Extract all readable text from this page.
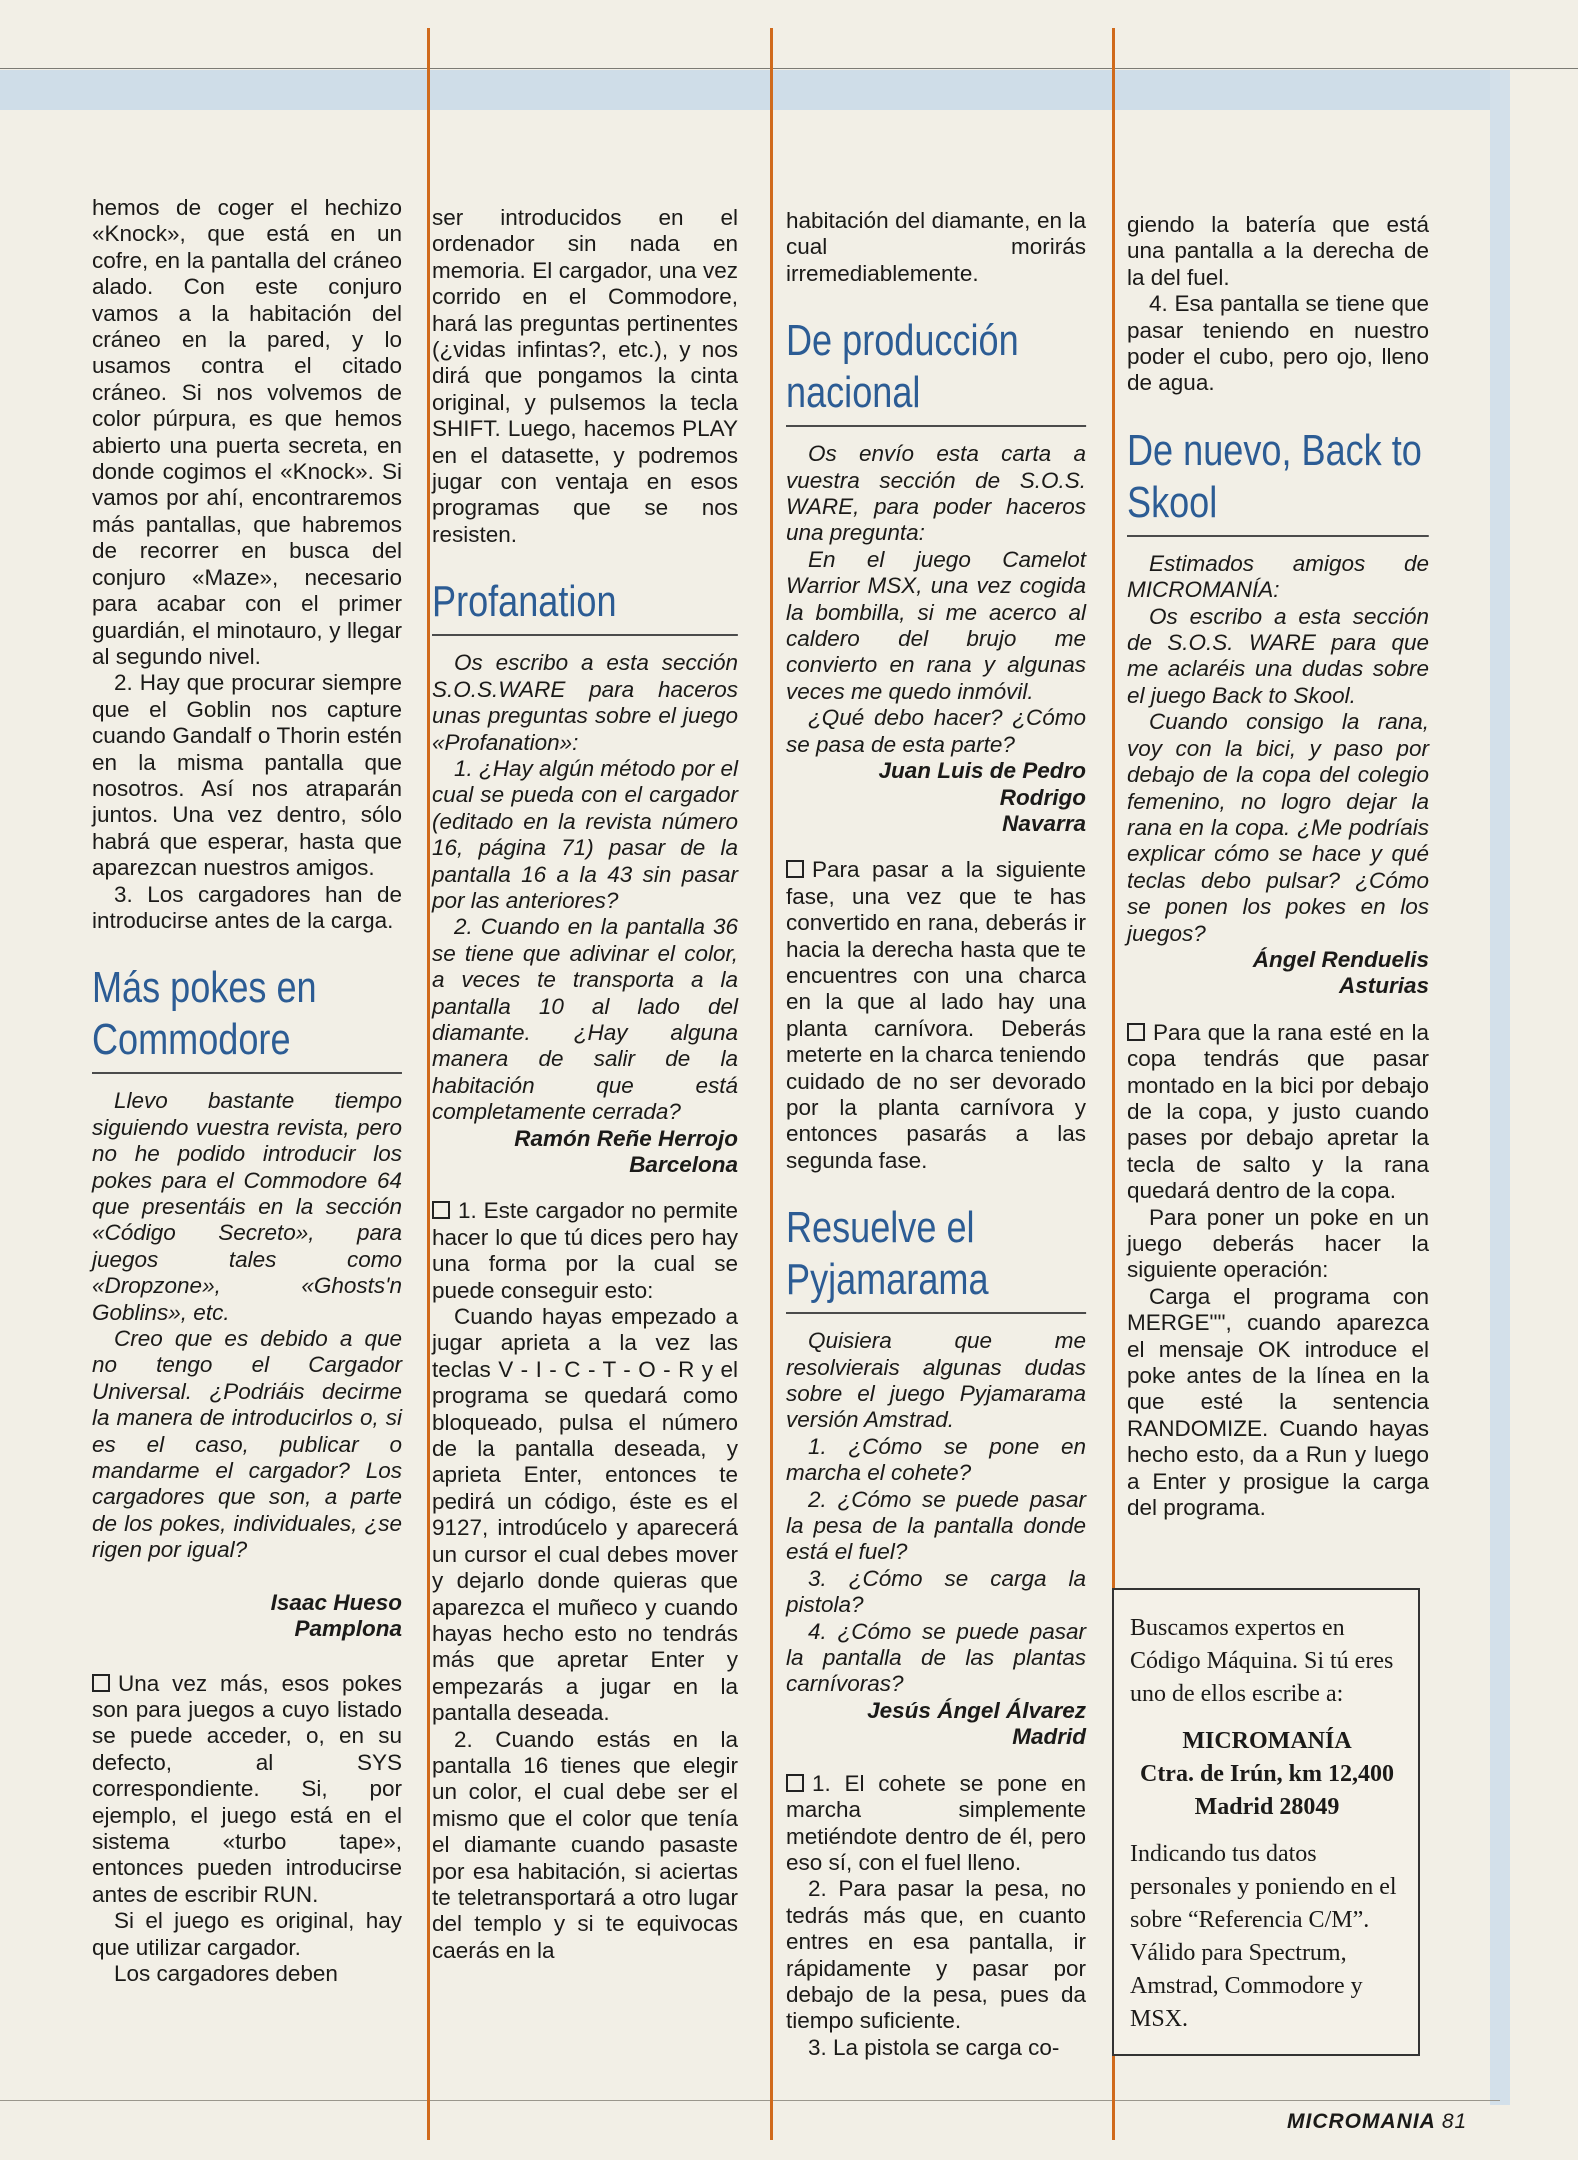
hemos de coger el hechizo «Knock», que está en un cofre, en la pantalla del cráneo alado. Con este conjuro vamos a la habitación del cráneo en la pared, y lo usamos contra el citado cráneo. Si nos volvemos de color púrpura, es que hemos abierto una puerta secreta, en donde cogimos el «Knock». Si vamos por ahí, encontraremos más pantallas, que habremos de recorrer en busca del conjuro «Maze», necesario para acabar con el primer guardián, el minotauro, y llegar al segundo nivel.

2. Hay que procurar siempre que el Goblin nos capture cuando Gandalf o Thorin estén en la misma pantalla que nosotros. Así nos atraparán juntos. Una vez dentro, sólo habrá que esperar, hasta que aparezcan nuestros amigos.

3. Los cargadores han de introducirse antes de la carga.

Más pokes en Commodore

Llevo bastante tiempo siguiendo vuestra revista, pero no he podido introducir los pokes para el Commodore 64 que presentáis en la sección «Código Secreto», para juegos tales como «Dropzone», «Ghosts'n Goblins», etc.

Creo que es debido a que no tengo el Cargador Universal. ¿Podriáis decirme la manera de introducirlos o, si es el caso, publicar o mandarme el cargador? Los cargadores que son, a parte de los pokes, individuales, ¿se rigen por igual?

Isaac Hueso

Pamplona

Una vez más, esos pokes son para juegos a cuyo listado se puede acceder, o, en su defecto, al SYS correspondiente. Si, por ejemplo, el juego está en el sistema «turbo tape», entonces pueden introducirse antes de escribir RUN.

Si el juego es original, hay que utilizar cargador.

Los cargadores deben

ser introducidos en el ordenador sin nada en memoria. El cargador, una vez corrido en el Commodore, hará las preguntas pertinentes (¿vidas infintas?, etc.), y nos dirá que pongamos la cinta original, y pulsemos la tecla SHIFT. Luego, hacemos PLAY en el datasette, y podremos jugar con ventaja en esos programas que se nos resisten.

Profanation

Os escribo a esta sección S.O.S.WARE para haceros unas preguntas sobre el juego «Profanation»:

1. ¿Hay algún método por el cual se pueda con el cargador (editado en la revista número 16, página 71) pasar de la pantalla 16 a la 43 sin pasar por las anteriores?

2. Cuando en la pantalla 36 se tiene que adivinar el color, a veces te transporta a la pantalla 10 al lado del diamante. ¿Hay alguna manera de salir de la habitación que está completamente cerrada?

Ramón Reñe Herrojo

Barcelona

1. Este cargador no permite hacer lo que tú dices pero hay una forma por la cual se puede conseguir esto:

Cuando hayas empezado a jugar aprieta a la vez las teclas V - I - C - T - O - R y el programa se quedará como bloqueado, pulsa el número de la pantalla deseada, y aprieta Enter, entonces te pedirá un código, éste es el 9127, introdúcelo y aparecerá un cursor el cual debes mover y dejarlo donde quieras que aparezca el muñeco y cuando hayas hecho esto no tendrás más que apretar Enter y empezarás a jugar en la pantalla deseada.

2. Cuando estás en la pantalla 16 tienes que elegir un color, el cual debe ser el mismo que el color que tenía el diamante cuando pasaste por esa habitación, si aciertas te teletransportará a otro lugar del templo y si te equivocas caerás en la

habitación del diamante, en la cual morirás irremediablemente.

De producción nacional

Os envío esta carta a vuestra sección de S.O.S. WARE, para poder haceros una pregunta:

En el juego Camelot Warrior MSX, una vez cogida la bombilla, si me acerco al caldero del brujo me convierto en rana y algunas veces me quedo inmóvil.

¿Qué debo hacer? ¿Cómo se pasa de esta parte?

Juan Luis de Pedro Rodrigo

Navarra

Para pasar a la siguiente fase, una vez que te has convertido en rana, deberás ir hacia la derecha hasta que te encuentres con una charca en la que al lado hay una planta carnívora. Deberás meterte en la charca teniendo cuidado de no ser devorado por la planta carnívora y entonces pasarás a las segunda fase.

Resuelve el Pyjamarama

Quisiera que me resolvierais algunas dudas sobre el juego Pyjamarama versión Amstrad.

1. ¿Cómo se pone en marcha el cohete?

2. ¿Cómo se puede pasar la pesa de la pantalla donde está el fuel?

3. ¿Cómo se carga la pistola?

4. ¿Cómo se puede pasar la pantalla de las plantas carnívoras?

Jesús Ángel Álvarez

Madrid

1. El cohete se pone en marcha simplemente metiéndote dentro de él, pero eso sí, con el fuel lleno.

2. Para pasar la pesa, no tedrás más que, en cuanto entres en esa pantalla, ir rápidamente y pasar por debajo de la pesa, pues da tiempo suficiente.

3. La pistola se carga co-

giendo la batería que está una pantalla a la derecha de la del fuel.

4. Esa pantalla se tiene que pasar teniendo en nuestro poder el cubo, pero ojo, lleno de agua.

De nuevo, Back to Skool

Estimados amigos de MICROMANÍA:

Os escribo a esta sección de S.O.S. WARE para que me aclaréis una dudas sobre el juego Back to Skool.

Cuando consigo la rana, voy con la bici, y paso por debajo de la copa del colegio femenino, no logro dejar la rana en la copa. ¿Me podríais explicar cómo se hace y qué teclas debo pulsar? ¿Cómo se ponen los pokes en los juegos?

Ángel Renduelis

Asturias

Para que la rana esté en la copa tendrás que pasar montado en la bici por debajo de la copa, y justo cuando pases por debajo apretar la tecla de salto y la rana quedará dentro de la copa.

Para poner un poke en un juego deberás hacer la siguiente operación:

Carga el programa con MERGE"", cuando aparezca el mensaje OK introduce el poke antes de la línea en la que esté la sentencia RANDOMIZE. Cuando hayas hecho esto, da a Run y luego a Enter y prosigue la carga del programa.

Buscamos expertos en Código Máquina. Si tú eres uno de ellos escribe a:

MICROMANÍA
Ctra. de Irún, km 12,400
Madrid 28049

Indicando tus datos personales y poniendo en el sobre “Referencia C/M”. Válido para Spectrum, Amstrad, Commodore y MSX.

MICROMANIA 81
